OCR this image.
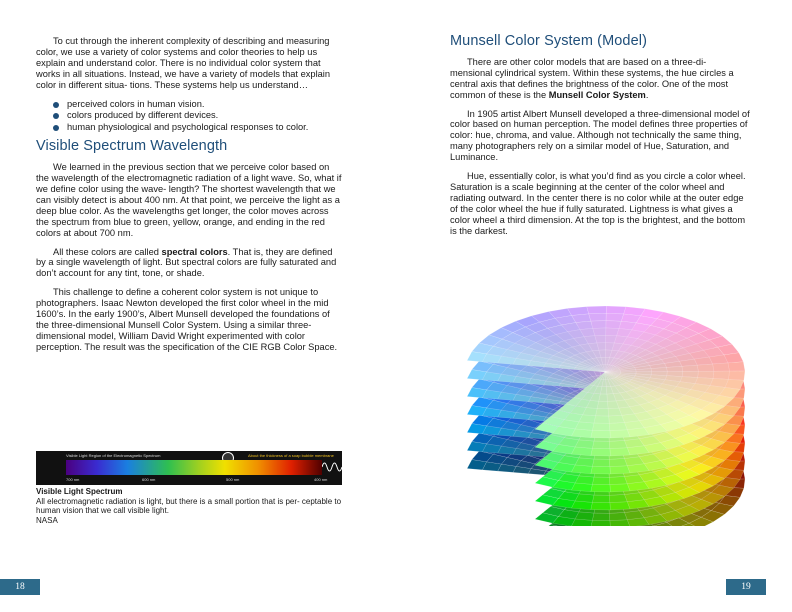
To cut through the inherent complexity of describing and measuring color, we use a variety of color systems and color theories to help us explain and understand color. There is no individual color system that works in all situations. Instead, we have a variety of models that explain color in different situa- tions. These systems help us understand…

perceived colors in human vision.
colors produced by different devices.
human physiological and psychological responses to color.
Visible Spectrum Wavelength

We learned in the previous section that we perceive color based on the wavelength of the electromagnetic radiation of a light wave. So, what if we define color using the wave- length? The shortest wavelength that we can visibly detect is about 400 nm. At that point, we perceive the light as a deep blue color. As the wavelengths get longer, the color moves across the spectrum from blue to green, yellow, orange, and ending in the red colors at about 700 nm.

All these colors are called spectral colors. That is, they are defined by a single wavelength of light. But spectral colors are fully saturated and don’t account for any tint, tone, or shade.

This challenge to define a coherent color system is not unique to photographers. Isaac Newton developed the first color wheel in the mid 1600’s. In the early 1900’s, Albert Munsell developed the foundations of the three-dimensional Munsell Color System. Using a similar three-dimensional model, William David Wright experimented with color perception. The result was the specification of the CIE RGB Color Space.

Visible Light Region of the Electromagnetic Spectrum	About the thickness of a soap bubble membrane
700 nm	600 nm	500 nm	400 nm
Visible Light Spectrum
All electromagnetic radiation is light, but there is a small portion that is per- ceptable to human vision that we call visible light.
NASA
18
Munsell Color System (Model)

There are other color models that are based on a three-di- mensional cylindrical system. Within these systems, the hue circles a central axis that defines the brightness of the color. One of the most common of these is the Munsell Color System.

In 1905 artist Albert Munsell developed a three-dimensional model of color based on human perception. The model defines three properties of color: hue, chroma, and value. Although not technically the same thing, many photographers rely on a similar model of Hue, Saturation, and Luminance.

Hue, essentially color, is what you’d find as you circle a color wheel. Saturation is a scale beginning at the center of the color wheel and radiating outward. In the center there is no color while at the outer edge of the color wheel the hue if fully saturated. Lightness is what gives a color wheel a third dimension. At the top is the brightest, and the bottom is the darkest.

19
